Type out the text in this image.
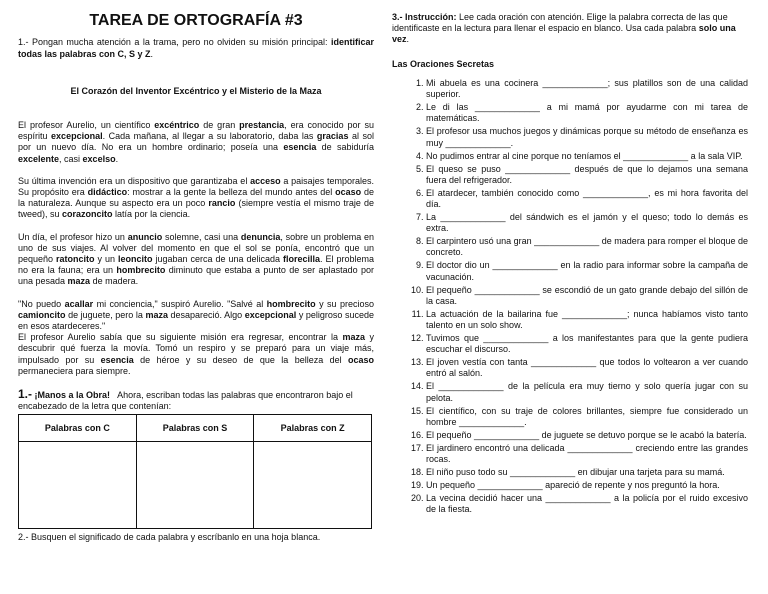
TAREA DE ORTOGRAFÍA #3

1.- Pongan mucha atención a la trama, pero no olviden su misión principal: identificar todas las palabras con C, S y Z.

El Corazón del Inventor Excéntrico y el Misterio de la Maza

El profesor Aurelio, un científico excéntrico de gran prestancia, era conocido por su espíritu excepcional. Cada mañana, al llegar a su laboratorio, daba las gracias al sol por un nuevo día. No era un hombre ordinario; poseía una esencia de sabiduría excelente, casi excelso.

Su última invención era un dispositivo que garantizaba el acceso a paisajes temporales. Su propósito era didáctico: mostrar a la gente la belleza del mundo antes del ocaso de la naturaleza. Aunque su aspecto era un poco rancio (siempre vestía el mismo traje de tweed), su corazoncito latía por la ciencia.

Un día, el profesor hizo un anuncio solemne, casi una denuncia, sobre un problema en uno de sus viajes. Al volver del momento en que el sol se ponía, encontró que un pequeño ratoncito y un leoncito jugaban cerca de una delicada florecilla. El problema no era la fauna; era un hombrecito diminuto que estaba a punto de ser aplastado por una pesada maza de madera.

"No puedo acallar mi conciencia," suspiró Aurelio. "Salvé al hombrecito y su precioso camioncito de juguete, pero la maza desapareció. Algo excepcional y peligroso sucede en esos atardeceres."

El profesor Aurelio sabía que su siguiente misión era regresar, encontrar la maza y descubrir qué fuerza la movía. Tomó un respiro y se preparó para un viaje más, impulsado por su esencia de héroe y su deseo de que la belleza del ocaso permaneciera para siempre.

1.- ¡Manos a la Obra! Ahora, escriban todas las palabras que encontraron bajo el encabezado de la letra que contenían:
Palabras con C	Palabras con S	Palabras con Z

2.- Busquen el significado de cada palabra y escríbanlo en una hoja blanca.

3.- Instrucción: Lee cada oración con atención. Elige la palabra correcta de las que identificaste en la lectura para llenar el espacio en blanco. Usa cada palabra solo una vez.

Las Oraciones Secretas
1. Mi abuela es una cocinera _____________; sus platillos son de una calidad superior.
2. Le di las _____________ a mi mamá por ayudarme con mi tarea de matemáticas.
3. El profesor usa muchos juegos y dinámicas porque su método de enseñanza es muy _____________.
4. No pudimos entrar al cine porque no teníamos el _____________ a la sala VIP.
5. El queso se puso _____________ después de que lo dejamos una semana fuera del refrigerador.
6. El atardecer, también conocido como _____________, es mi hora favorita del día.
7. La _____________ del sándwich es el jamón y el queso; todo lo demás es extra.
8. El carpintero usó una gran _____________ de madera para romper el bloque de concreto.
9. El doctor dio un _____________ en la radio para informar sobre la campaña de vacunación.
10. El pequeño _____________ se escondió de un gato grande debajo del sillón de la casa.
11. La actuación de la bailarina fue _____________; nunca habíamos visto tanto talento en un solo show.
12. Tuvimos que _____________ a los manifestantes para que la gente pudiera escuchar el discurso.
13. El joven vestía con tanta _____________ que todos lo voltearon a ver cuando entró al salón.
14. El _____________ de la película era muy tierno y solo quería jugar con su pelota.
15. El científico, con su traje de colores brillantes, siempre fue considerado un hombre _____________.
16. El pequeño _____________ de juguete se detuvo porque se le acabó la batería.
17. El jardinero encontró una delicada _____________ creciendo entre las grandes rocas.
18. El niño puso todo su _____________ en dibujar una tarjeta para su mamá.
19. Un pequeño _____________ apareció de repente y nos preguntó la hora.
20. La vecina decidió hacer una _____________ a la policía por el ruido excesivo de la fiesta.
